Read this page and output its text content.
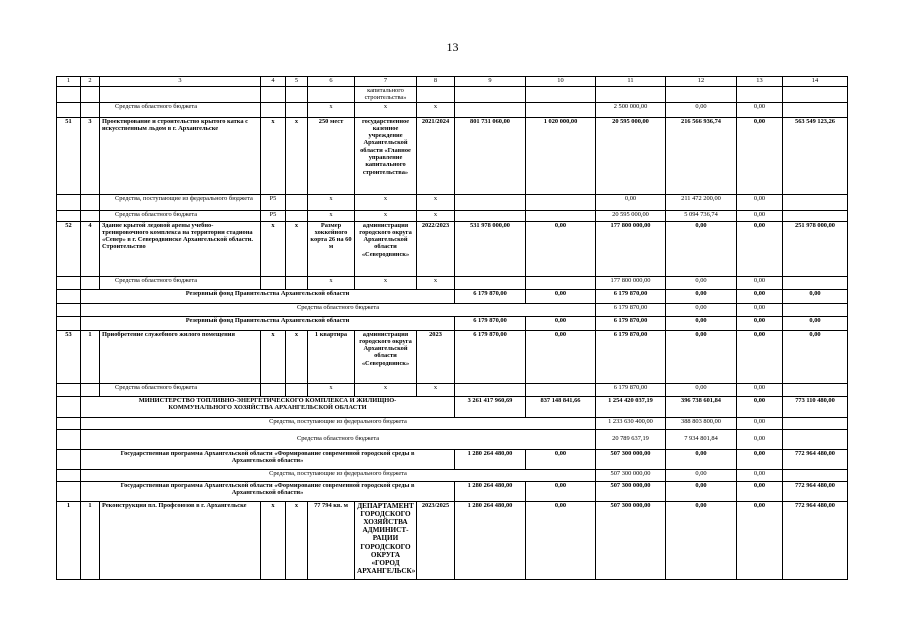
13
1	2	3	4	5	6	7	8	9	10	11	12	13	14
						капитального строительства»							
		Средства областного бюджета			x	x	x			2 500 000,00	0,00	0,00	
51	3	Проектирование и строительство крытого катка с искусственным льдом в г. Архангельске	x	x	250 мест	государственное казенное учреждение Архангельской области «Главное управление капитального строительства»	2021/2024	801 731 060,00	1 020 000,00	20 595 000,00	216 566 936,74	0,00	563 549 123,26
		Средства, поступающие из федерального бюджета	P5		x	x	x			0,00	211 472 200,00	0,00	
		Средства областного бюджета	P5		x	x	x			20 595 000,00	5 094 736,74	0,00	
52	4	Здание крытой ледовой арены учебно-тренировочного комплекса на территории стадиона «Север» в г. Северодвинске Архангельской области. Строительство	x	x	Размер хоккейного корта 26 на 60 м	администрация городского округа Архангельской области «Северодвинск»	2022/2023	531 978 000,00	0,00	177 800 000,00	0,00	0,00	251 978 000,00
		Средства областного бюджета			x	x	x			177 800 000,00	0,00	0,00	
	Резервный фонд Правительства Архангельской области							6 179 870,00	0,00	6 179 870,00	0,00	0,00	0,00
	Средства областного бюджета									6 179 870,00	0,00	0,00	
	Резервный фонд Правительства Архангельской области							6 179 870,00	0,00	6 179 870,00	0,00	0,00	0,00
53	1	Приобретение служебного жилого помещения	x	x	1 квартира	администрация городского округа Архангельской области «Северодвинск»	2023	6 179 870,00	0,00	6 179 870,00	0,00	0,00	0,00
		Средства областного бюджета			x	x	x			6 179 870,00	0,00	0,00	
	МИНИСТЕРСТВО ТОПЛИВНО-ЭНЕРГЕТИЧЕСКОГО КОМПЛЕКСА И ЖИЛИЩНО-КОММУНАЛЬНОГО ХОЗЯЙСТВА АРХАНГЕЛЬСКОЙ ОБЛАСТИ							3 261 417 960,69	837 148 841,66	1 254 420 037,19	396 738 601,84	0,00	773 110 480,00
	Средства, поступающие из федерального бюджета									1 233 630 400,00	388 803 800,00	0,00	
	Средства областного бюджета									20 789 637,19	7 934 801,84	0,00	
	Государственная программа Архангельской области «Формирование современной городской среды в Архангельской области»							1 280 264 480,00	0,00	507 300 000,00	0,00	0,00	772 964 480,00
	Средства, поступающие из федерального бюджета									507 300 000,00	0,00	0,00	
	Государственная программа Архангельской области «Формирование современной городской среды в Архангельской области»							1 280 264 480,00	0,00	507 300 000,00	0,00	0,00	772 964 480,00
1	1	Реконструкция пл. Профсоюзов в г. Архангельске	x	x	77 794 кв. м	ДЕПАРТАМЕНТ ГОРОДСКОГО ХОЗЯЙСТВА АДМИНИСТ-РАЦИИ ГОРОДСКОГО ОКРУГА «ГОРОД АРХАНГЕЛЬСК»	2023/2025	1 280 264 480,00	0,00	507 300 000,00	0,00	0,00	772 964 480,00
